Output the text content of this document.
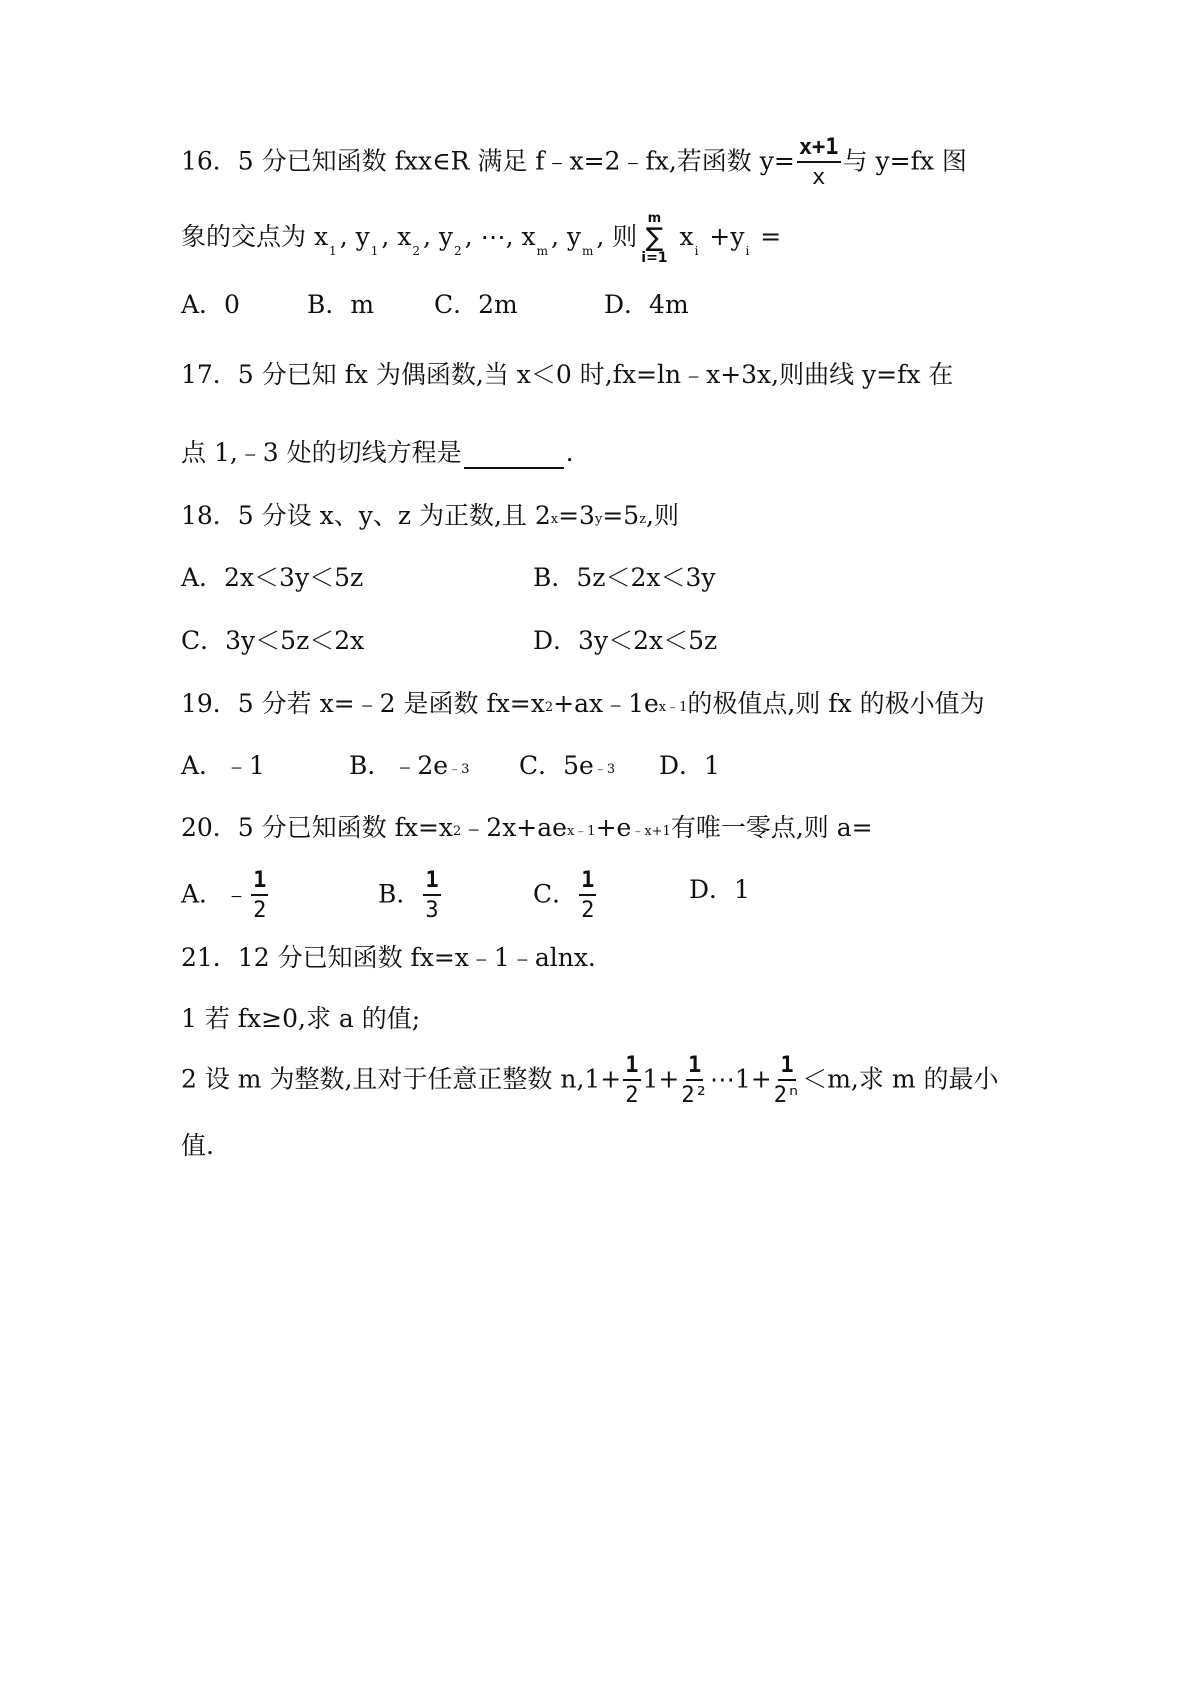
16．5 分已知函数 fxx∈R 满足 f﹣x=2﹣fx,若函数 $y= \frac{x+1}{x}$ 与 y=fx 图
象的交点为 $x_1$ , $y_1$ , $x_2$ , $y_2$ , ⋯, $x_m$ , $y_m$ , 则
m
∑
i=1
$x_i +y_i$ =
A．0	B．m C．2m	D．4m
17．5 分已知 fx 为偶函数,当 x＜0 时,fx=ln﹣x+3x,则曲线 y=fx 在
点 1,﹣3 处的切线方程是	.
18．5 分设 x、y、z 为正数,且 2x=3y=5z,则
A．2x＜3y＜5z	B．5z＜2x＜3y
C．3y＜5z＜2x	D．3y＜2x＜5z
19．5 分若 x=﹣2 是函数 fx=x2+ax﹣1ex﹣1的极值点,则 fx 的极小值为
A．﹣1	B．﹣2e﹣3 C．5e﹣3 D．1
20．5 分已知函数 fx=x2﹣2x+aex﹣1+e﹣x+1有唯一零点,则 a=
A．﹣ $\frac{1}{2}$	B． $\frac{1}{3}$	C． $\frac{1}{2}$	D．1
21．12 分已知函数 fx=x﹣1﹣alnx.
1 若 fx≥0,求 a 的值;
2 设 m 为整数,且对于任意正整数 $n,1+ \frac{1}{2} 1+ \frac{1}{\text{2²}}$ ⋯1+ $\frac{1}{\text{2ⁿ}} <m$,求 m 的最小
值.
